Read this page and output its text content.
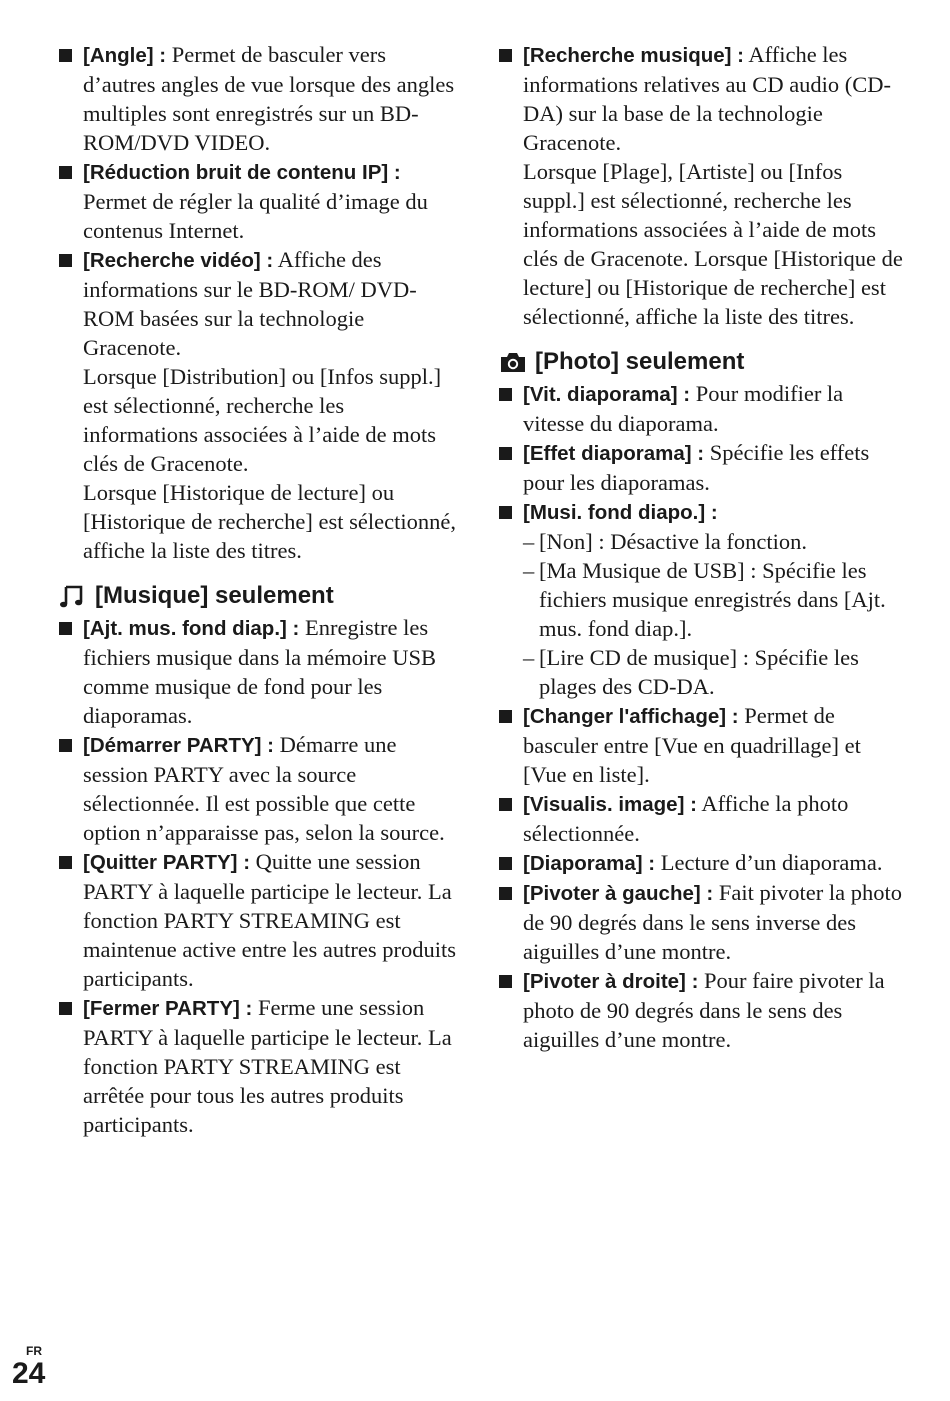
[Angle] : Permet de basculer vers d’autres angles de vue lorsque des angles multiples sont enregistrés sur un BD-ROM/DVD VIDEO.
[Réduction bruit de contenu IP] : Permet de régler la qualité d’image du contenus Internet.
[Recherche vidéo] : Affiche des informations sur le BD-ROM/ DVD-ROM basées sur la technologie Gracenote.
Lorsque [Distribution] ou [Infos suppl.] est sélectionné, recherche les informations associées à l’aide de mots clés de Gracenote.
Lorsque [Historique de lecture] ou [Historique de recherche] est sélectionné, affiche la liste des titres.
[Musique] seulement
[Ajt. mus. fond diap.] : Enregistre les fichiers musique dans la mémoire USB comme musique de fond pour les diaporamas.
[Démarrer PARTY] : Démarre une session PARTY avec la source sélectionnée. Il est possible que cette option n’apparaisse pas, selon la source.
[Quitter PARTY] : Quitte une session PARTY à laquelle participe le lecteur. La fonction PARTY STREAMING est maintenue active entre les autres produits participants.
[Fermer PARTY] : Ferme une session PARTY à laquelle participe le lecteur. La fonction PARTY STREAMING est arrêtée pour tous les autres produits participants.
[Recherche musique] : Affiche les informations relatives au CD audio (CD-DA) sur la base de la technologie Gracenote.
Lorsque [Plage], [Artiste] ou [Infos suppl.] est sélectionné, recherche les informations associées à l’aide de mots clés de Gracenote. Lorsque [Historique de lecture] ou [Historique de recherche] est sélectionné, affiche la liste des titres.
[Photo] seulement
[Vit. diaporama] : Pour modifier la vitesse du diaporama.
[Effet diaporama] : Spécifie les effets pour les diaporamas.
[Musi. fond diapo.] :
– [Non] : Désactive la fonction.
– [Ma Musique de USB] : Spécifie les fichiers musique enregistrés dans [Ajt. mus. fond diap.].
– [Lire CD de musique] : Spécifie les plages des CD-DA.
[Changer l'affichage] : Permet de basculer entre [Vue en quadrillage] et [Vue en liste].
[Visualis. image] : Affiche la photo sélectionnée.
[Diaporama] : Lecture d’un diaporama.
[Pivoter à gauche] : Fait pivoter la photo de 90 degrés dans le sens inverse des aiguilles d’une montre.
[Pivoter à droite] : Pour faire pivoter la photo de 90 degrés dans le sens des aiguilles d’une montre.
FR
24
